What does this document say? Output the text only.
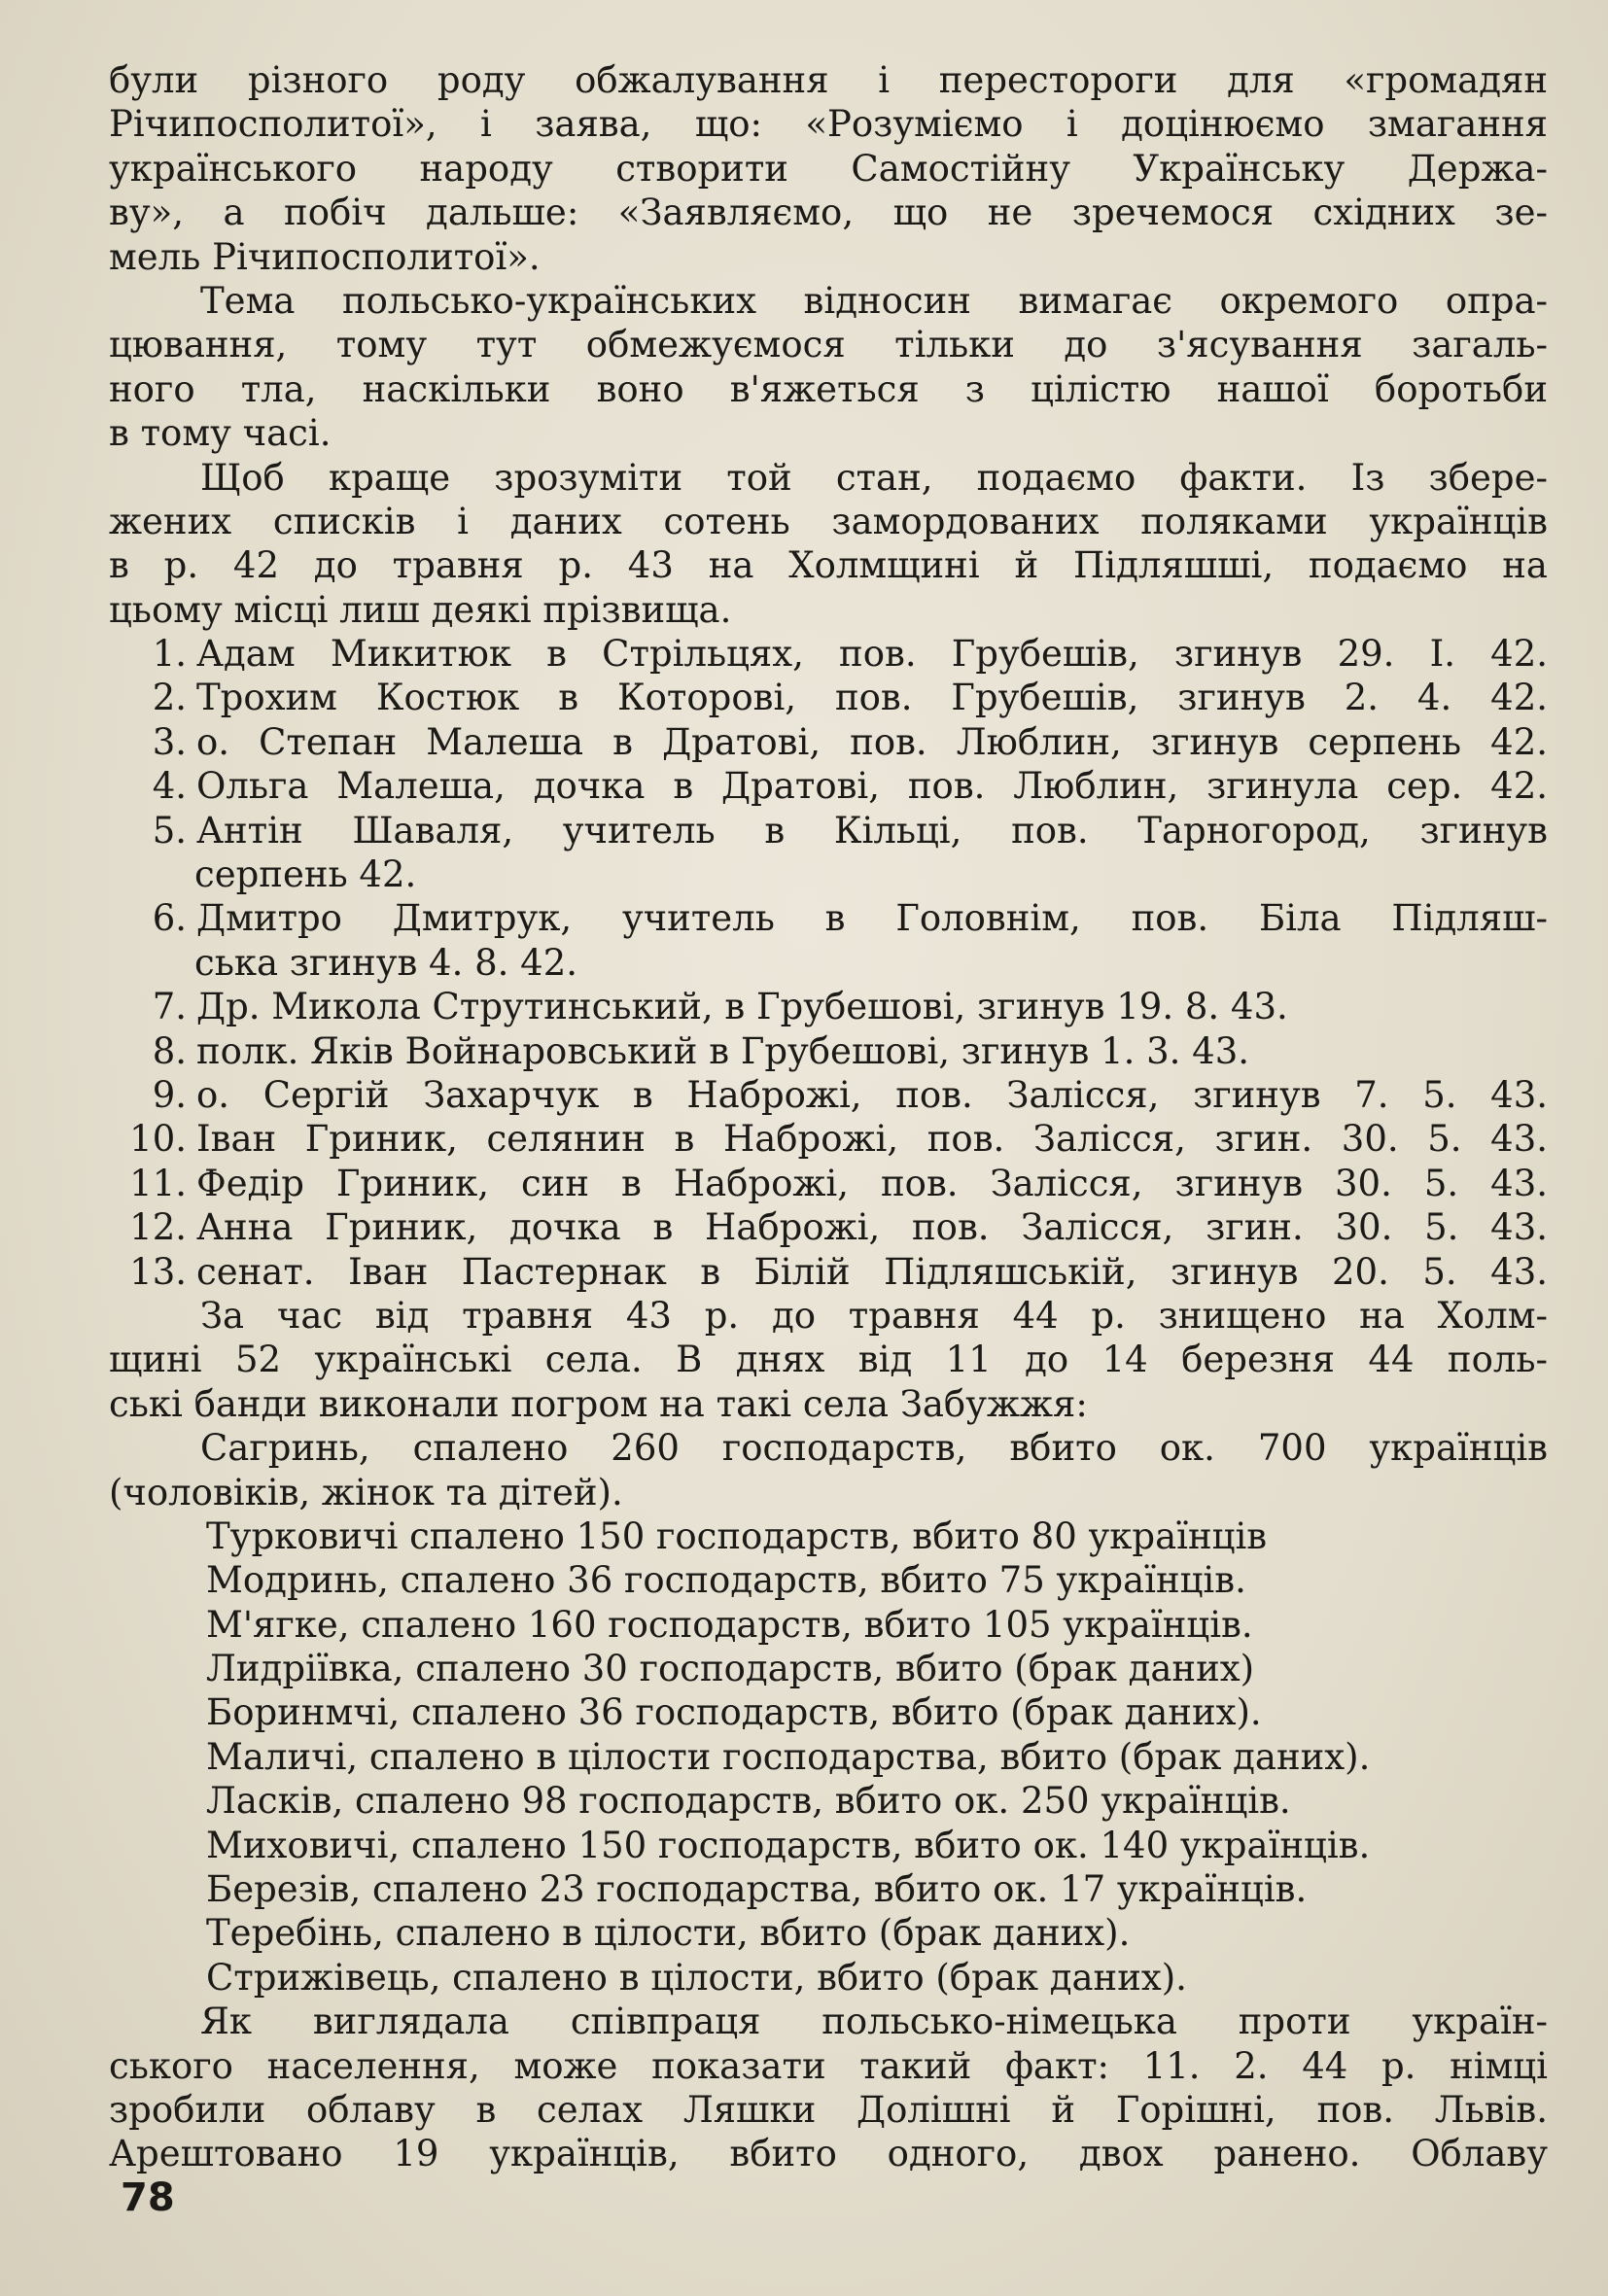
були різного роду обжалування і перестороги для «громадян
Річипосполитої», і заява, що: «Розуміємо і доцінюємо змагання
українського народу створити Самостійну Українську Держа-
ву», а побіч дальше: «Заявляємо, що не зречемося східних зе-
мель Річипосполитої».
Тема польсько-українських відносин вимагає окремого опра-
цювання, тому тут обмежуємося тільки до з'ясування загаль-
ного тла, наскільки воно в'яжеться з цілістю нашої боротьби
в тому часі.
Щоб краще зрозуміти той стан, подаємо факти. Із збере-
жених списків і даних сотень замордованих поляками українців
в р. 42 до травня р. 43 на Холмщині й Підляшші, подаємо на
цьому місці лиш деякі прізвища.
1. Адам Микитюк в Стрільцях, пов. Грубешів, згинув 29. I. 42.
2. Трохим Костюк в Которові, пов. Грубешів, згинув 2. 4. 42.
3. о. Степан Малеша в Дратові, пов. Люблин, згинув серпень 42.
4. Ольга Малеша, дочка в Дратові, пов. Люблин, згинула сер. 42.
5. Антін Шаваля, учитель в Кільці, пов. Тарногород, згинув
серпень 42.
6. Дмитро Дмитрук, учитель в Головнім, пов. Біла Підляш-
ська згинув 4. 8. 42.
7. Др. Микола Струтинський, в Грубешові, згинув 19. 8. 43.
8. полк. Яків Войнаровський в Грубешові, згинув 1. 3. 43.
9. о. Сергій Захарчук в Наброжі, пов. Залісся, згинув 7. 5. 43.
10. Іван Гриник, селянин в Наброжі, пов. Залісся, згин. 30. 5. 43.
11. Федір Гриник, син в Наброжі, пов. Залісся, згинув 30. 5. 43.
12. Анна Гриник, дочка в Наброжі, пов. Залісся, згин. 30. 5. 43.
13. сенат. Іван Пастернак в Білій Підляшській, згинув 20. 5. 43.
За час від травня 43 р. до травня 44 р. знищено на Холм-
щині 52 українські села. В днях від 11 до 14 березня 44 поль-
ські банди виконали погром на такі села Забужжя:
Сагринь, спалено 260 господарств, вбито ок. 700 українців
(чоловіків, жінок та дітей).
Турковичі спалено 150 господарств, вбито 80 українців
Модринь, спалено 36 господарств, вбито 75 українців.
М'ягке, спалено 160 господарств, вбито 105 українців.
Лидріївка, спалено 30 господарств, вбито (брак даних)
Боринмчі, спалено 36 господарств, вбито (брак даних).
Маличі, спалено в цілости господарства, вбито (брак даних).
Ласків, спалено 98 господарств, вбито ок. 250 українців.
Миховичі, спалено 150 господарств, вбито ок. 140 українців.
Березів, спалено 23 господарства, вбито ок. 17 українців.
Теребінь, спалено в цілости, вбито (брак даних).
Стрижівець, спалено в цілости, вбито (брак даних).
Як виглядала співпраця польсько-німецька проти україн-
ського населення, може показати такий факт: 11. 2. 44 р. німці
зробили облаву в селах Ляшки Долішні й Горішні, пов. Львів.
Арештовано 19 українців, вбито одного, двох ранено. Облаву
78
